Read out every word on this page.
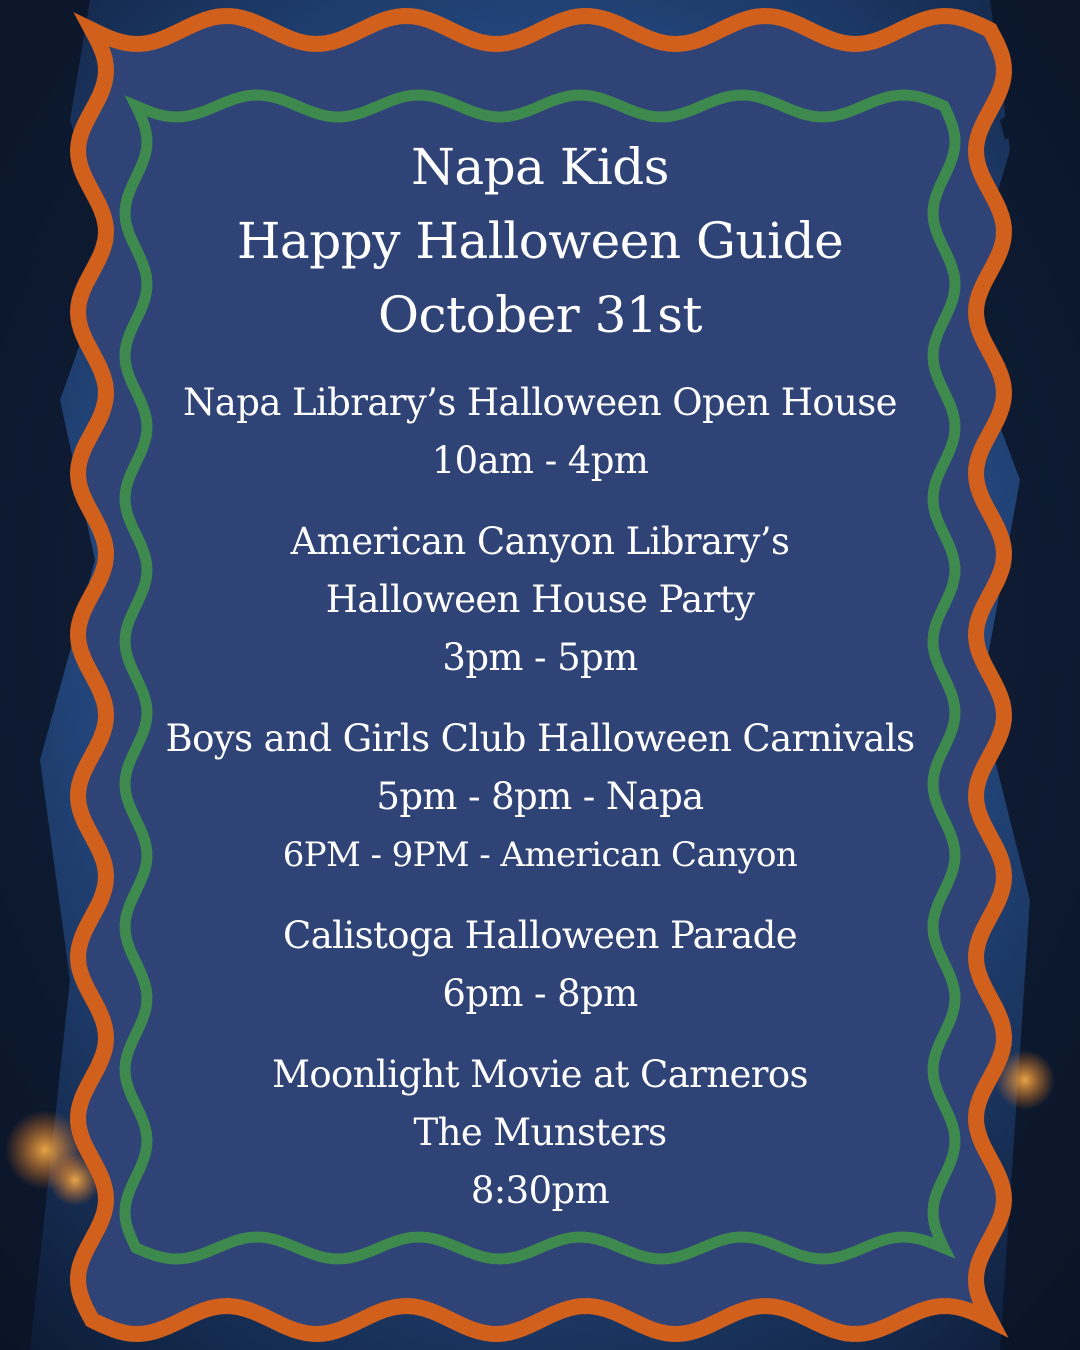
Napa Kids
Happy Halloween Guide
October 31st
Napa Library’s Halloween Open House
10am - 4pm
American Canyon Library’s
Halloween House Party
3pm - 5pm
Boys and Girls Club Halloween Carnivals
5pm - 8pm - Napa
6PM - 9PM - American Canyon
Calistoga Halloween Parade
6pm - 8pm
Moonlight Movie at Carneros
The Munsters
8:30pm
